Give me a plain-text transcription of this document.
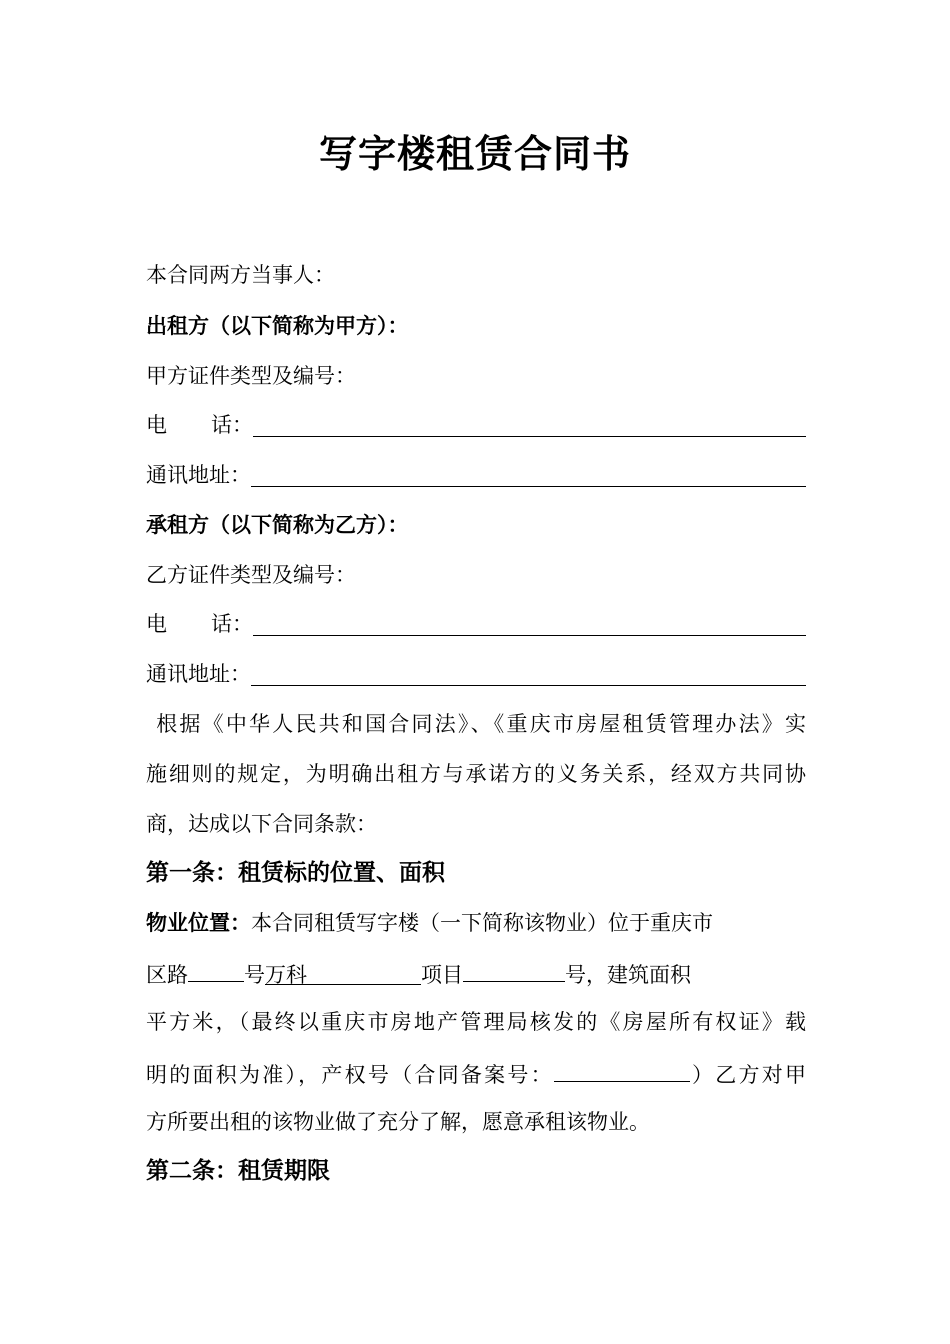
写字楼租赁合同书
本合同两方当事人：
出租方（以下简称为甲方）：
甲方证件类型及编号：
电 话：
通讯地址：
承租方（以下简称为乙方）：
乙方证件类型及编号：
电 话：
通讯地址：
根据《中华人民共和国合同法》、《重庆市房屋租赁管理办法》实
施细则的规定，为明确出租方与承诺方的义务关系，经双方共同协
商，达成以下合同条款：
第一条：租赁标的位置、面积
物业位置：本合同租赁写字楼（一下简称该物业）位于重庆市
区路	号万科	项目	号，建筑面积
平方米，（最终以重庆市房地产管理局核发的《房屋所有权证》载
明的面积为准），产权号（合同备案号：	）乙方对甲
方所要出租的该物业做了充分了解，愿意承租该物业。
第二条：租赁期限
